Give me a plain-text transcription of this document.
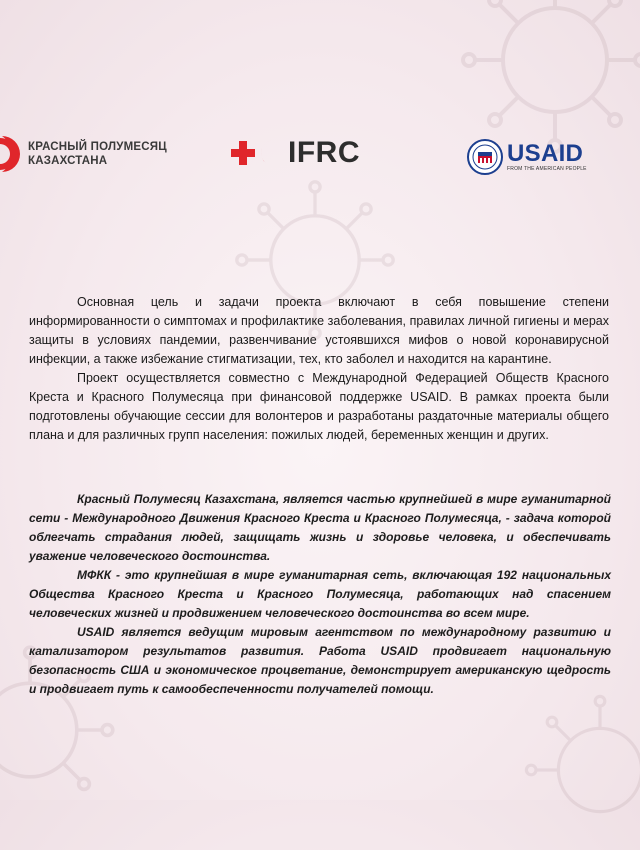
КРАСНЫЙ ПОЛУМЕСЯЦ
КАЗАХСТАНА	IFRC	USAID
FROM THE AMERICAN PEOPLE

Основная цель и задачи проекта включают в себя повышение степени информированности о симптомах и профилактике заболевания, правилах личной гигиены и мерах защиты в условиях пандемии, развенчивание устоявшихся мифов о новой коронавирусной инфекции, а также избежание стигматизации, тех, кто заболел и находится на карантине.

Проект осуществляется совместно с Международной Федерацией Обществ Красного Креста и Красного Полумесяца при финансовой поддержке USAID. В рамках проекта были подготовлены обучающие сессии для волонтеров и разработаны раздаточные материалы общего плана и для различных групп населения: пожилых людей, беременных женщин и других.

Красный Полумесяц Казахстана, является частью крупнейшей в мире гуманитарной сети - Международного Движения Красного Креста и Красного Полумесяца, - задача которой облегчать страдания людей, защищать жизнь и здоровье человека, и обеспечивать уважение человеческого достоинства.

МФКК - это крупнейшая в мире гуманитарная сеть, включающая 192 национальных Общества Красного Креста и Красного Полумесяца, работающих над спасением человеческих жизней и продвижением человеческого достоинства во всем мире.

USAID является ведущим мировым агентством по международному развитию и катализатором результатов развития. Работа USAID продвигает национальную безопасность США и экономическое процветание, демонстрирует американскую щедрость и продвигает путь к самообеспеченности получателей помощи.
